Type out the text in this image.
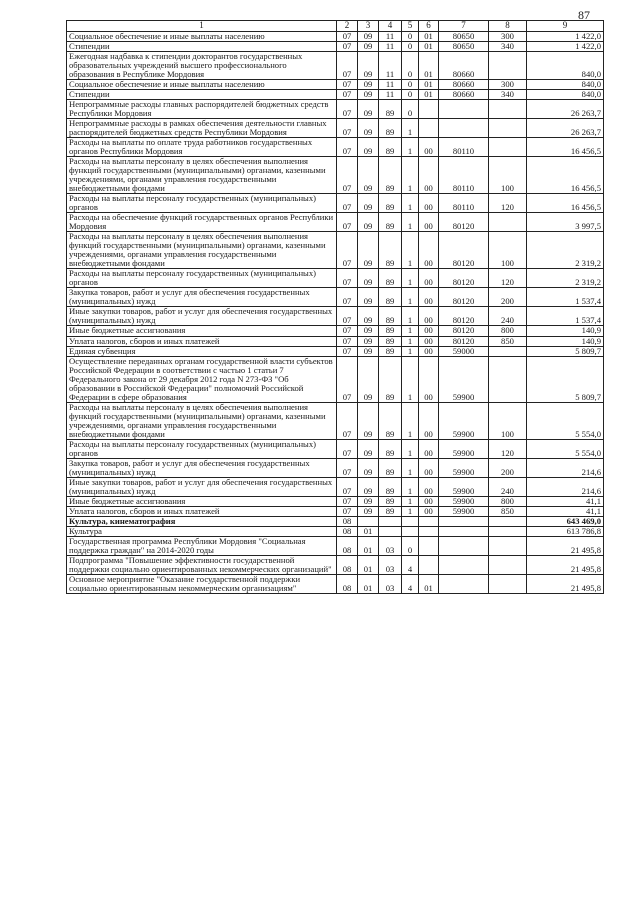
87
1	2	3	4	5	6	7	8	9
Социальное обеспечение и иные выплаты населению	07	09	11	0	01	80650	300	1 422,0
Стипендии	07	09	11	0	01	80650	340	1 422,0
Ежегодная надбавка к стипендии докторантов государственных образовательных учреждений высшего профессионального образования в Республике Мордовия	07	09	11	0	01	80660		840,0
Социальное обеспечение и иные выплаты населению	07	09	11	0	01	80660	300	840,0
Стипендии	07	09	11	0	01	80660	340	840,0
Непрограммные расходы главных распорядителей бюджетных средств Республики Мордовия	07	09	89	0				26 263,7
Непрограммные расходы в рамках обеспечения деятельности главных распорядителей бюджетных средств Республики Мордовия	07	09	89	1				26 263,7
Расходы на выплаты по оплате труда работников государственных органов Республики Мордовия	07	09	89	1	00	80110		16 456,5
Расходы на выплаты персоналу в целях обеспечения выполнения функций государственными (муниципальными) органами, казенными учреждениями, органами управления государственными внебюджетными фондами	07	09	89	1	00	80110	100	16 456,5
Расходы на выплаты персоналу государственных (муниципальных) органов	07	09	89	1	00	80110	120	16 456,5
Расходы на обеспечение функций государственных органов Республики Мордовия	07	09	89	1	00	80120		3 997,5
Расходы на выплаты персоналу в целях обеспечения выполнения функций государственными (муниципальными) органами, казенными учреждениями, органами управления государственными внебюджетными фондами	07	09	89	1	00	80120	100	2 319,2
Расходы на выплаты персоналу государственных (муниципальных) органов	07	09	89	1	00	80120	120	2 319,2
Закупка товаров, работ и услуг для обеспечения государственных (муниципальных) нужд	07	09	89	1	00	80120	200	1 537,4
Иные закупки товаров, работ и услуг для обеспечения государственных (муниципальных) нужд	07	09	89	1	00	80120	240	1 537,4
Иные бюджетные ассигнования	07	09	89	1	00	80120	800	140,9
Уплата налогов, сборов и иных платежей	07	09	89	1	00	80120	850	140,9
Единая субвенция	07	09	89	1	00	59000		5 809,7
Осуществление переданных органам государственной власти субъектов Российской Федерации в соответствии с частью 1 статьи 7 Федерального закона от 29 декабря 2012 года N 273-ФЗ "Об образовании в Российской Федерации" полномочий Российской Федерации в сфере образования	07	09	89	1	00	59900		5 809,7
Расходы на выплаты персоналу в целях обеспечения выполнения функций государственными (муниципальными) органами, казенными учреждениями, органами управления государственными внебюджетными фондами	07	09	89	1	00	59900	100	5 554,0
Расходы на выплаты персоналу государственных (муниципальных) органов	07	09	89	1	00	59900	120	5 554,0
Закупка товаров, работ и услуг для обеспечения государственных (муниципальных) нужд	07	09	89	1	00	59900	200	214,6
Иные закупки товаров, работ и услуг для обеспечения государственных (муниципальных) нужд	07	09	89	1	00	59900	240	214,6
Иные бюджетные ассигнования	07	09	89	1	00	59900	800	41,1
Уплата налогов, сборов и иных платежей	07	09	89	1	00	59900	850	41,1
Культура, кинематография	08							643 469,0
Культура	08	01						613 786,8
Государственная программа Республики Мордовия "Социальная поддержка граждан" на 2014-2020 годы	08	01	03	0				21 495,8
Подпрограмма "Повышение эффективности государственной поддержки социально ориентированных некоммерческих организаций"	08	01	03	4				21 495,8
Основное мероприятие "Оказание государственной поддержки социально ориентированным некоммерческим организациям"	08	01	03	4	01			21 495,8
